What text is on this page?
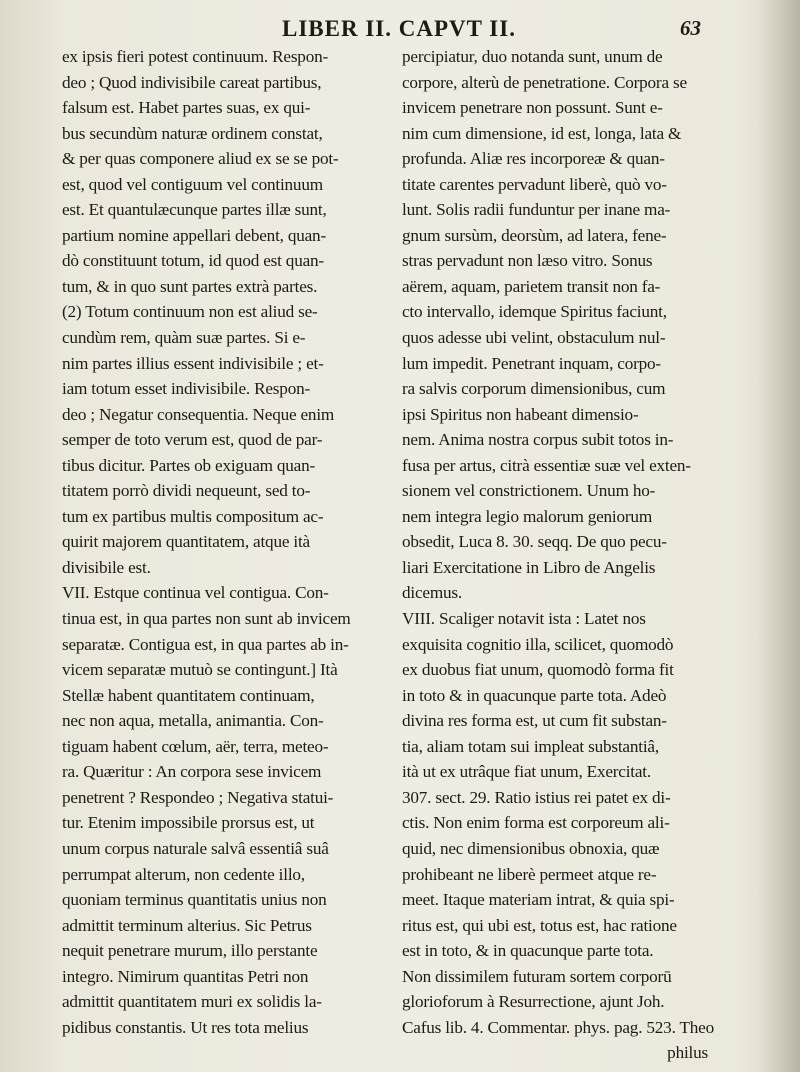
LIBER II. CAPVT II.	63
ex ipsis fieri potest continuum. Respon-
deo ; Quod indivisibile careat partibus,
falsum est. Habet partes suas, ex qui-
bus secundùm naturæ ordinem constat,
& per quas componere aliud ex se se pot-
est, quod vel contiguum vel continuum
est. Et quantulæcunque partes illæ sunt,
partium nomine appellari debent, quan-
dò constituunt totum, id quod est quan-
tum, & in quo sunt partes extrà partes.
(2) Totum continuum non est aliud se-
cundùm rem, quàm suæ partes. Si e-
nim partes illius essent indivisibile ; et-
iam totum esset indivisibile. Respon-
deo ; Negatur consequentia. Neque enim
semper de toto verum est, quod de par-
tibus dicitur. Partes ob exiguam quan-
titatem porrò dividi nequeunt, sed to-
tum ex partibus multis compositum ac-
quirit majorem quantitatem, atque ità
divisibile est.
VII. Estque continua vel contigua. Con-
tinua est, in qua partes non sunt ab invicem
separatæ. Contigua est, in qua partes ab in-
vicem separatæ mutuò se contingunt.] Ità
Stellæ habent quantitatem continuam,
nec non aqua, metalla, animantia. Con-
tiguam habent cœlum, aër, terra, meteo-
ra. Quæritur : An corpora sese invicem
penetrent ? Respondeo ; Negativa statui-
tur. Etenim impossibile prorsus est, ut
unum corpus naturale salvâ essentiâ suâ
perrumpat alterum, non cedente illo,
quoniam terminus quantitatis unius non
admittit terminum alterius. Sic Petrus
nequit penetrare murum, illo perstante
integro. Nimirum quantitas Petri non
admittit quantitatem muri ex solidis la-
pidibus constantis. Ut res tota melius
percipiatur, duo notanda sunt, unum de
corpore, alterù de penetratione. Corpora se
invicem penetrare non possunt. Sunt e-
nim cum dimensione, id est, longa, lata &
profunda. Aliæ res incorporeæ & quan-
titate carentes pervadunt liberè, quò vo-
lunt. Solis radii funduntur per inane ma-
gnum sursùm, deorsùm, ad latera, fene-
stras pervadunt non læso vitro. Sonus
aërem, aquam, parietem transit non fa-
cto intervallo, idemque Spiritus faciunt,
quos adesse ubi velint, obstaculum nul-
lum impedit. Penetrant inquam, corpo-
ra salvis corporum dimensionibus, cum
ipsi Spiritus non habeant dimensio-
nem. Anima nostra corpus subit totos in-
fusa per artus, citrà essentiæ suæ vel exten-
sionem vel constrictionem. Unum ho-
nem integra legio malorum geniorum
obsedit, Luca 8. 30. seqq. De quo pecu-
liari Exercitatione in Libro de Angelis
dicemus.
VIII. Scaliger notavit ista : Latet nos
exquisita cognitio illa, scilicet, quomodò
ex duobus fiat unum, quomodò forma fit
in toto & in quacunque parte tota. Adeò
divina res forma est, ut cum fit substan-
tia, aliam totam sui impleat substantiâ,
ità ut ex utrâque fiat unum, Exercitat.
307. sect. 29. Ratio istius rei patet ex di-
ctis. Non enim forma est corporeum ali-
quid, nec dimensionibus obnoxia, quæ
prohibeant ne liberè permeet atque re-
meet. Itaque materiam intrat, & quia spi-
ritus est, qui ubi est, totus est, hac ratione
est in toto, & in quacunque parte tota.
Non dissimilem futuram sortem corporū
glorioforum à Resurrectione, ajunt Joh.
Cafus lib. 4. Commentar. phys. pag. 523. Theo
philus
